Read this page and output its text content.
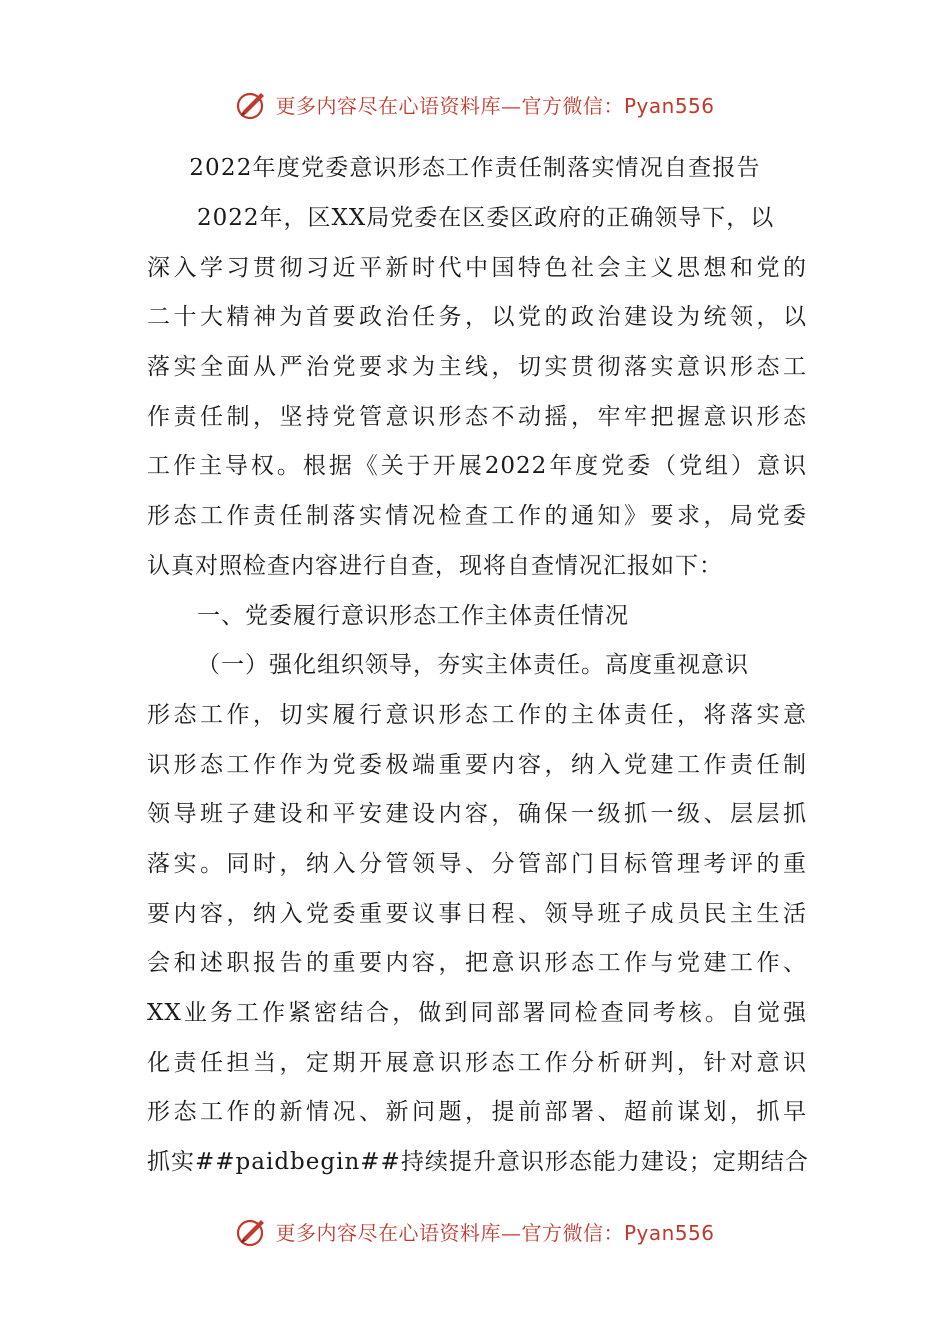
更多内容尽在心语资料库—官方微信：Pyan556
2022年度党委意识形态工作责任制落实情况自查报告
2022年，区XX局党委在区委区政府的正确领导下，以
深入学习贯彻习近平新时代中国特色社会主义思想和党的
二十大精神为首要政治任务，以党的政治建设为统领，以
落实全面从严治党要求为主线，切实贯彻落实意识形态工
作责任制，坚持党管意识形态不动摇，牢牢把握意识形态
工作主导权。根据《关于开展2022年度党委（党组）意识
形态工作责任制落实情况检查工作的通知》要求，局党委
认真对照检查内容进行自查，现将自查情况汇报如下：
一、党委履行意识形态工作主体责任情况
（一）强化组织领导，夯实主体责任。高度重视意识
形态工作，切实履行意识形态工作的主体责任，将落实意
识形态工作作为党委极端重要内容，纳入党建工作责任制
领导班子建设和平安建设内容，确保一级抓一级、层层抓
落实。同时，纳入分管领导、分管部门目标管理考评的重
要内容，纳入党委重要议事日程、领导班子成员民主生活
会和述职报告的重要内容，把意识形态工作与党建工作、
XX业务工作紧密结合，做到同部署同检查同考核。自觉强
化责任担当，定期开展意识形态工作分析研判，针对意识
形态工作的新情况、新问题，提前部署、超前谋划，抓早
抓实##paidbegin##持续提升意识形态能力建设；定期结合
更多内容尽在心语资料库—官方微信：Pyan556
